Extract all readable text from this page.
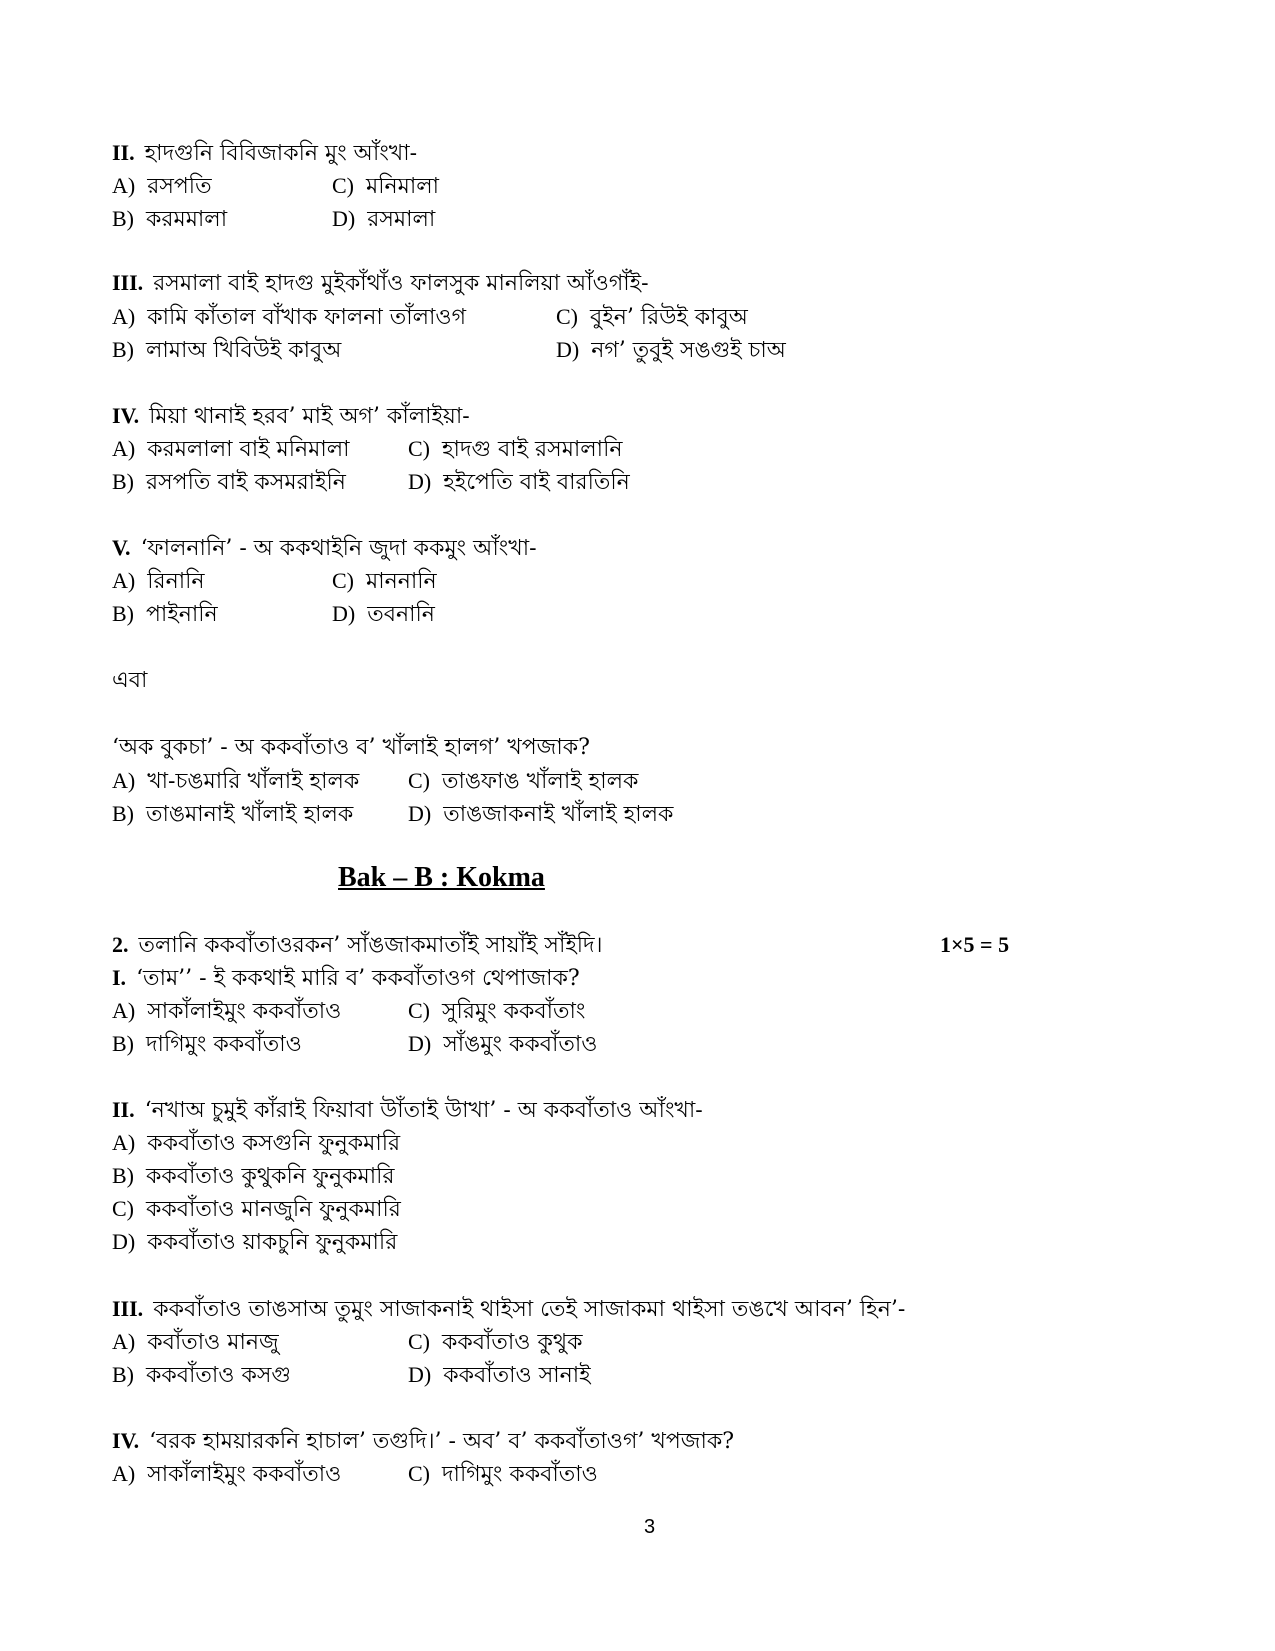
II. হাদগুনি বিবিজাকনি মুং আঁংখা-
A) রসপতি	C) মনিমালা
B) করমমালা	D) রসমালা
III. রসমালা বাই হাদগু মুইকাঁথাঁও ফালসুক মানলিয়া আঁওগাঁই-
A) কামি কাঁতাল বাঁখাক ফালনা তাঁলাওগ	C) বুইন’ রিউই কাবুঅ
B) লামাঅ খিবিউই কাবুঅ	D) নগ’ তুবুই সঙগুই চাঅ
IV. মিয়া থানাই হরব’ মাই অগ’ কাঁলাইয়া-
A) করমলালা বাই মনিমালা	C) হাদগু বাই রসমালানি
B) রসপতি বাই কসমরাইনি	D) হইপেতি বাই বারতিনি
V. ‘ফালনানি’ - অ ককথাইনি জুদা ককমুং আঁংখা-
A) রিনানি	C) মাননানি
B) পাইনানি	D) তবনানি
এবা
‘অক বুকচা’ - অ ককবাঁতাও ব’ খাঁলাই হালগ’ খপজাক?
A) খা-চঙমারি খাঁলাই হালক C) তাঙফাঙ খাঁলাই হালক
B) তাঙমানাই খাঁলাই হালক D) তাঙজাকনাই খাঁলাই হালক
Bak – B : Kokma
2. তলানি ককবাঁতাওরকন’ সাঁঙজাকমাতাঁই সায়াঁই সাঁইদি।	1×5 = 5
I. ‘তাম’’ - ই ককথাই মারি ব’ ককবাঁতাওগ থেপাজাক?
A) সাকাঁলাইমুং ককবাঁতাও	C) সুরিমুং ককবাঁতাং
B) দাগিমুং ককবাঁতাও	D) সাঁঙমুং ককবাঁতাও
II. ‘নখাঅ চুমুই কাঁরাই ফিয়াবা উাঁতাই উাখা’ - অ ককবাঁতাও আঁংখা-
A) ককবাঁতাও কসগুনি ফুনুকমারি
B) ককবাঁতাও কুথুকনি ফুনুকমারি
C) ককবাঁতাও মানজুনি ফুনুকমারি
D) ককবাঁতাও য়াকচুনি ফুনুকমারি
III. ককবাঁতাও তাঙসাঅ তুমুং সাজাকনাই থাইসা তেই সাজাকমা থাইসা তঙখে আবন’ হিন’-
A) কবাঁতাও মানজু	C) ককবাঁতাও কুথুক
B) ককবাঁতাও কসগু	D) ককবাঁতাও সানাই
IV. ‘বরক হাময়ারকনি হাচাল’ তগুদি।’ - অব’ ব’ ককবাঁতাওগ’ খপজাক?
A) সাকাঁলাইমুং ককবাঁতাও	C) দাগিমুং ককবাঁতাও
3
